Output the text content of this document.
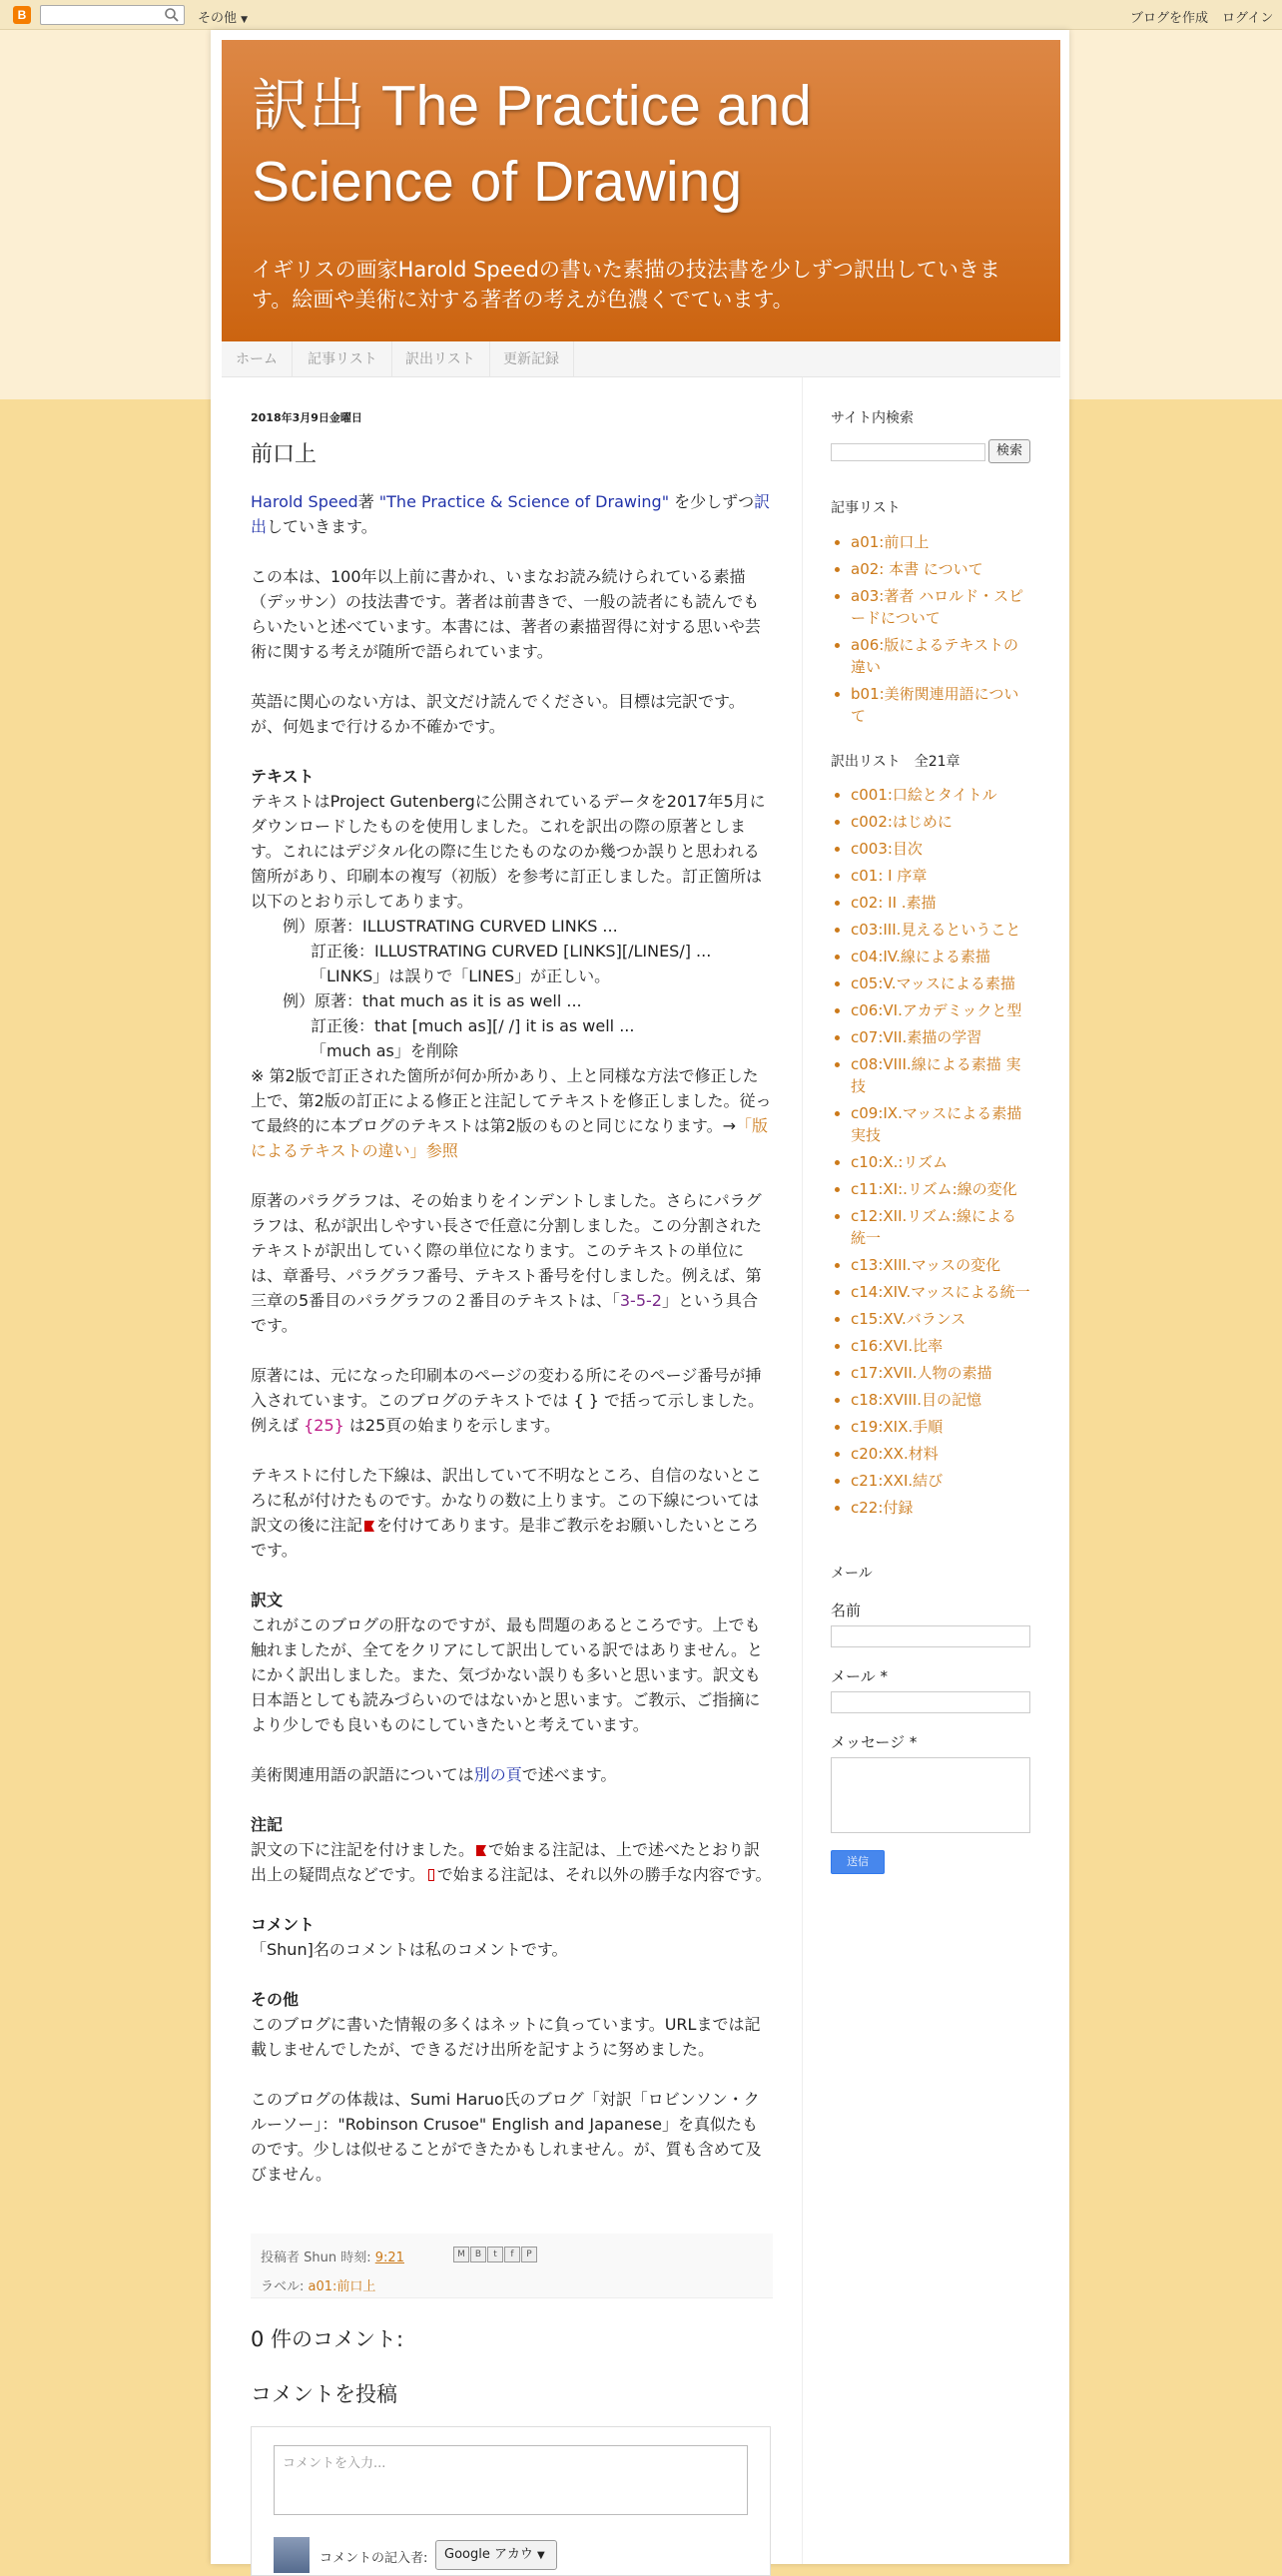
B	その他 ▼	ブログを作成 ログイン
訳出 The Practice and Science of Drawing
イギリスの画家Harold Speedの書いた素描の技法書を少しずつ訳出していきます。絵画や美術に対する著者の考えが色濃くでています。
ホーム	記事リスト	訳出リスト	更新記録
2018年3月9日金曜日
前口上

Harold Speed著 "The Practice & Science of Drawing" を少しずつ訳出していきます。

この本は、100年以上前に書かれ、いまなお読み続けられている素描（デッサン）の技法書です。著者は前書きで、一般の読者にも読んでもらいたいと述べています。本書には、著者の素描習得に対する思いや芸術に関する考えが随所で語られています。

英語に関心のない方は、訳文だけ読んでください。目標は完訳です。が、何処まで行けるか不確かです。

テキスト
テキストはProject Gutenbergに公開されているデータを2017年5月にダウンロードしたものを使用しました。これを訳出の際の原著とします。これにはデジタル化の際に生じたものなのか幾つか誤りと思われる箇所があり、印刷本の複写（初版）を参考に訂正しました。訂正箇所は以下のとおり示してあります。
例）原著：ILLUSTRATING CURVED LINKS ...
訂正後：ILLUSTRATING CURVED [LINKS][/LINES/] ...
「LINKS」は誤りで「LINES」が正しい。
例）原著：that much as it is as well ...
訂正後：that [much as][/ /] it is as well ...
「much as」を削除

※ 第2版で訂正された箇所が何か所かあり、上と同様な方法で修正した上で、第2版の訂正による修正と注記してテキストを修正しました。従って最終的に本ブログのテキストは第2版のものと同じになります。→「版によるテキストの違い」参照

原著のパラグラフは、その始まりをインデントしました。さらにパラグラフは、私が訳出しやすい長さで任意に分割しました。この分割されたテキストが訳出していく際の単位になります。このテキストの単位には、章番号、パラグラフ番号、テキスト番号を付しました。例えば、第三章の5番目のパラグラフの２番目のテキストは、「3-5-2」という具合です。

原著には、元になった印刷本のページの変わる所にそのページ番号が挿入されています。このブログのテキストでは { } で括って示しました。例えば {25} は25頁の始まりを示します。

テキストに付した下線は、訳出していて不明なところ、自信のないところに私が付けたものです。かなりの数に上ります。この下線については訳文の後に注記 を付けてあります。是非ご教示をお願いしたいところです。

訳文

これがこのブログの肝なのですが、最も問題のあるところです。上でも触れましたが、全てをクリアにして訳出している訳ではありません。とにかく訳出しました。また、気づかない誤りも多いと思います。訳文も日本語としても読みづらいのではないかと思います。ご教示、ご指摘により少しでも良いものにしていきたいと考えています。

美術関連用語の訳語については別の頁で述べます。

注記

訳文の下に注記を付けました。 で始まる注記は、上で述べたとおり訳出上の疑問点などです。 で始まる注記は、それ以外の勝手な内容です。

コメント

「Shun]名のコメントは私のコメントです。

その他

このブログに書いた情報の多くはネットに負っています。URLまでは記載しませんでしたが、できるだけ出所を記すように努めました。

このブログの体裁は、Sumi Haruo氏のブログ「対訳「ロビンソン・クルーソー」："Robinson Crusoe" English and Japanese」を真似たものです。少しは似せることができたかもしれません。が、質も含めて及びません。

投稿者 Shun 時刻: 9:21	M B t f P
ラベル: a01:前口上
0 件のコメント:
コメントを投稿
コメントを入力...
コメントの記入者:	Google アカウ ▼
サイト内検索
検索
記事リスト
• a01:前口上
• a02: 本書 について
• a03:著者 ハロルド・スピードについて
• a06:版によるテキストの違い
• b01:美術関連用語について
訳出リスト　全21章
• c001:口絵とタイトル
• c002:はじめに
• c003:目次
• c01: I 序章
• c02: II .素描
• c03:III.見えるということ
• c04:IV.線による素描
• c05:V.マッスによる素描
• c06:VI.アカデミックと型
• c07:VII.素描の学習
• c08:VIII.線による素描 実技
• c09:IX.マッスによる素描 実技
• c10:X.:リズム
• c11:XI:.リズム:線の変化
• c12:XII.リズム:線による統一
• c13:XIII.マッスの変化
• c14:XIV.マッスによる統一
• c15:XV.バランス
• c16:XVI.比率
• c17:XVII.人物の素描
• c18:XVIII.目の記憶
• c19:XIX.手順
• c20:XX.材料
• c21:XXI.結び
• c22:付録
メール
名前
メール *
メッセージ *
送信
